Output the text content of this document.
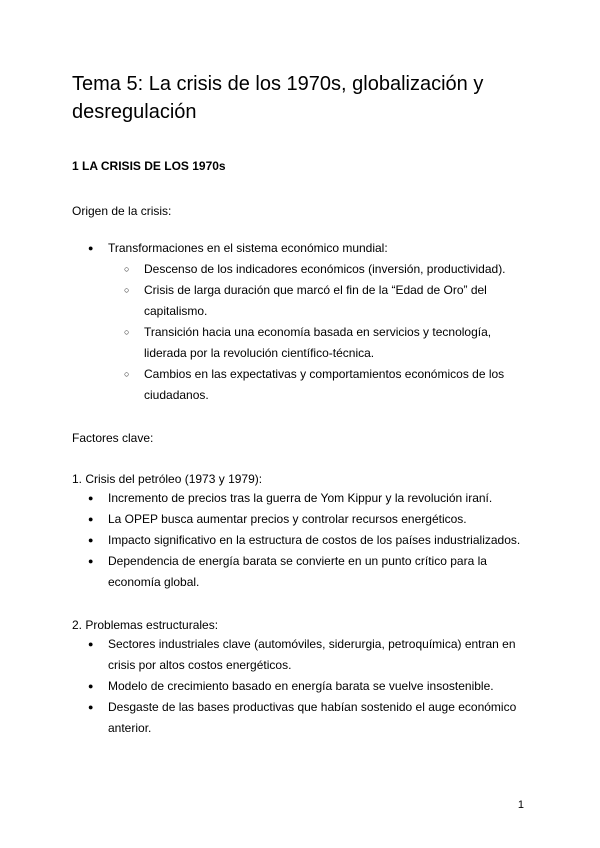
Tema 5: La crisis de los 1970s, globalización y desregulación
1 LA CRISIS DE LOS 1970s

Origen de la crisis:

●	Transformaciones en el sistema económico mundial:
○	Descenso de los indicadores económicos (inversión, productividad).
○	Crisis de larga duración que marcó el fin de la “Edad de Oro” del capitalismo.
○	Transición hacia una economía basada en servicios y tecnología, liderada por la revolución científico-técnica.
○	Cambios en las expectativas y comportamientos económicos de los ciudadanos.

Factores clave:

1. Crisis del petróleo (1973 y 1979):

●	Incremento de precios tras la guerra de Yom Kippur y la revolución iraní.
●	La OPEP busca aumentar precios y controlar recursos energéticos.
●	Impacto significativo en la estructura de costos de los países industrializados.
●	Dependencia de energía barata se convierte en un punto crítico para la economía global.

2. Problemas estructurales:

●	Sectores industriales clave (automóviles, siderurgia, petroquímica) entran en crisis por altos costos energéticos.
●	Modelo de crecimiento basado en energía barata se vuelve insostenible.
●	Desgaste de las bases productivas que habían sostenido el auge económico anterior.
1
